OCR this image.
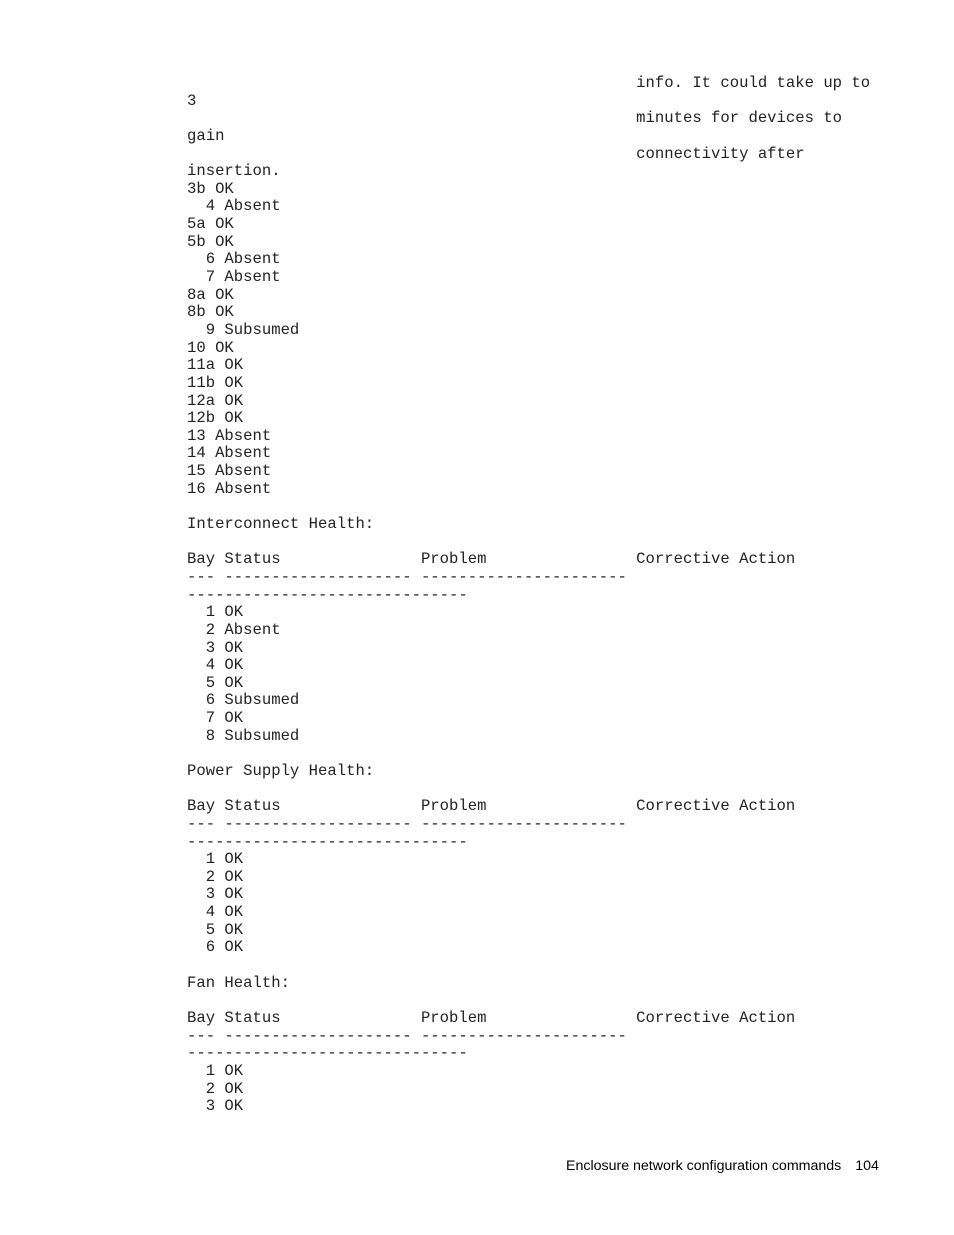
info. It could take up to
3
minutes for devices to
gain
connectivity after
insertion.
3b OK
4 Absent
5a OK
5b OK
6 Absent
7 Absent
8a OK
8b OK
9 Subsumed
10 OK
11a OK
11b OK
12a OK
12b OK
13 Absent
14 Absent
15 Absent
16 Absent
Interconnect Health:
Bay Status               Problem                Corrective Action
--- -------------------- ----------------------
------------------------------
1 OK
2 Absent
3 OK
4 OK
5 OK
6 Subsumed
7 OK
8 Subsumed
Power Supply Health:
Bay Status               Problem                Corrective Action
--- -------------------- ----------------------
------------------------------
1 OK
2 OK
3 OK
4 OK
5 OK
6 OK
Fan Health:
Bay Status               Problem                Corrective Action
--- -------------------- ----------------------
------------------------------
1 OK
2 OK
3 OK
Enclosure network configuration commands 104
